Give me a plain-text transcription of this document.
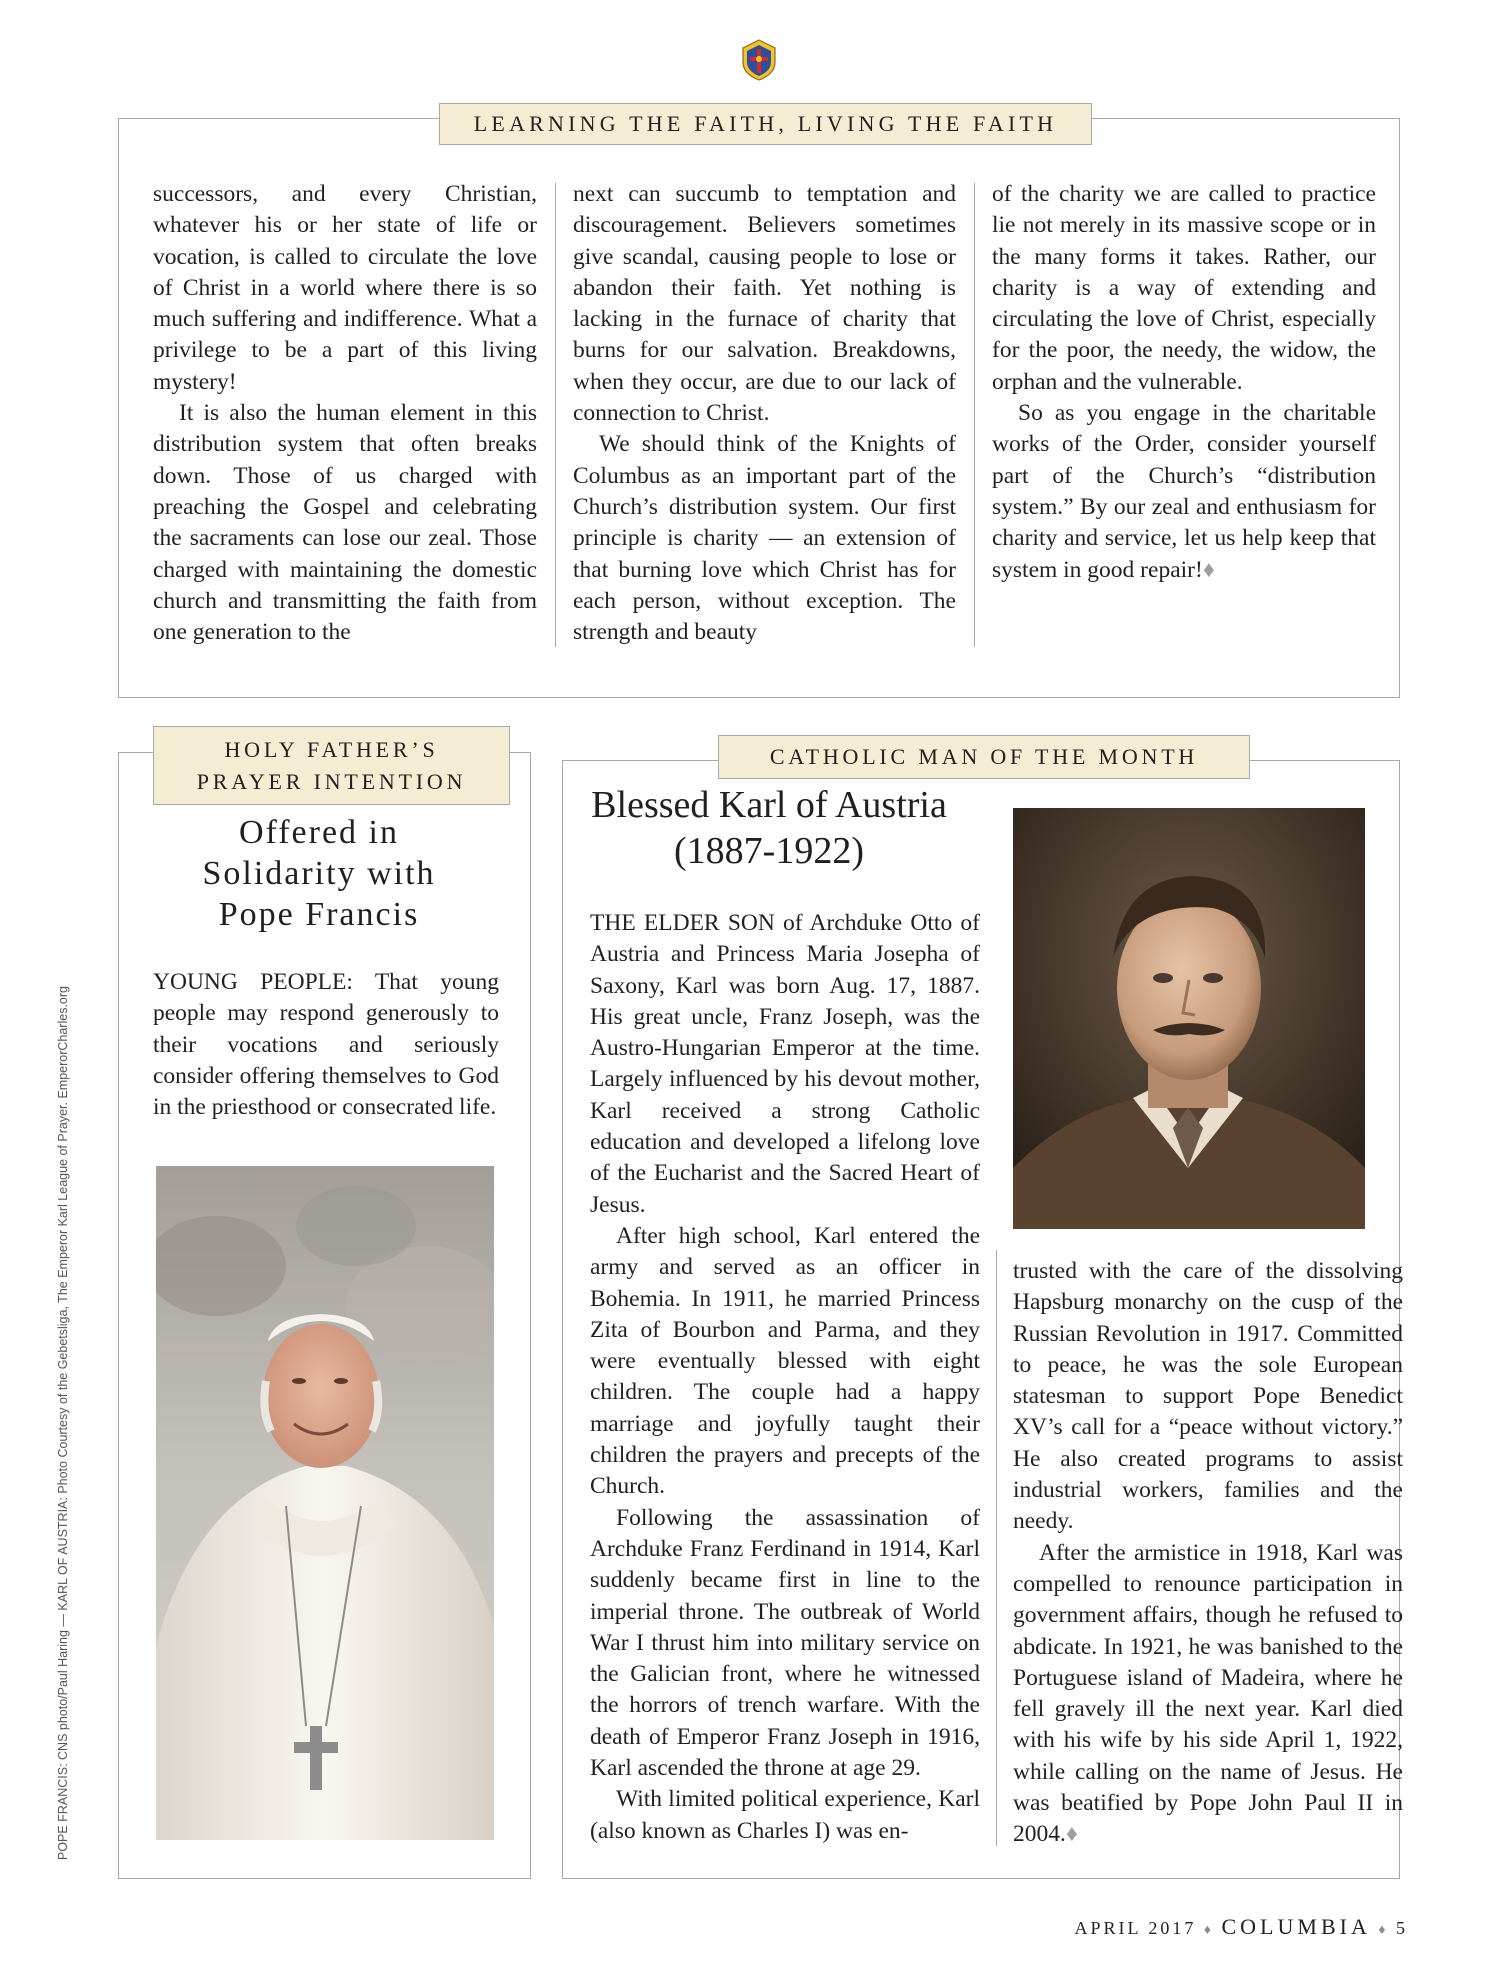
LEARNING THE FAITH, LIVING THE FAITH

successors, and every Christian, whatever his or her state of life or vocation, is called to circulate the love of Christ in a world where there is so much suffering and indifference. What a privilege to be a part of this living mystery!

It is also the human element in this distribution system that often breaks down. Those of us charged with preaching the Gospel and celebrating the sacraments can lose our zeal. Those charged with maintaining the domestic church and transmitting the faith from one generation to the

next can succumb to temptation and discouragement. Believers sometimes give scandal, causing people to lose or abandon their faith. Yet nothing is lacking in the furnace of charity that burns for our salvation. Breakdowns, when they occur, are due to our lack of connection to Christ.

We should think of the Knights of Columbus as an important part of the Church’s distribution system. Our first principle is charity — an extension of that burning love which Christ has for each person, without exception. The strength and beauty

of the charity we are called to practice lie not merely in its massive scope or in the many forms it takes. Rather, our charity is a way of extending and circulating the love of Christ, especially for the poor, the needy, the widow, the orphan and the vulnerable.

So as you engage in the charitable works of the Order, consider yourself part of the Church’s “distribution system.” By our zeal and enthusiasm for charity and service, let us help keep that system in good repair!♦

HOLY FATHER’S
PRAYER INTENTION
Offered in
Solidarity with
Pope Francis

YOUNG PEOPLE: That young people may respond generously to their vocations and seriously consider offering themselves to God in the priesthood or consecrated life.

CATHOLIC MAN OF THE MONTH
Blessed Karl of Austria
(1887-1922)

THE ELDER SON of Archduke Otto of Austria and Princess Maria Josepha of Saxony, Karl was born Aug. 17, 1887. His great uncle, Franz Joseph, was the Austro-Hungarian Emperor at the time. Largely influenced by his devout mother, Karl received a strong Catholic education and developed a lifelong love of the Eucharist and the Sacred Heart of Jesus.

After high school, Karl entered the army and served as an officer in Bohemia. In 1911, he married Princess Zita of Bourbon and Parma, and they were eventually blessed with eight children. The couple had a happy marriage and joyfully taught their children the prayers and precepts of the Church.

Following the assassination of Archduke Franz Ferdinand in 1914, Karl suddenly became first in line to the imperial throne. The outbreak of World War I thrust him into military service on the Galician front, where he witnessed the horrors of trench warfare. With the death of Emperor Franz Joseph in 1916, Karl ascended the throne at age 29.

With limited political experience, Karl (also known as Charles I) was en-

trusted with the care of the dissolving Hapsburg monarchy on the cusp of the Russian Revolution in 1917. Committed to peace, he was the sole European statesman to support Pope Benedict XV’s call for a “peace without victory.” He also created programs to assist industrial workers, families and the needy.

After the armistice in 1918, Karl was compelled to renounce participation in government affairs, though he refused to abdicate. In 1921, he was banished to the Portuguese island of Madeira, where he fell gravely ill the next year. Karl died with his wife by his side April 1, 1922, while calling on the name of Jesus. He was beatified by Pope John Paul II in 2004.♦

POPE FRANCIS: CNS photo/Paul Haring — KARL OF AUSTRIA: Photo Courtesy of the Gebetsliga, The Emperor Karl League of Prayer. EmperorCharles.org
APRIL 2017 ♦ COLUMBIA ♦ 5
